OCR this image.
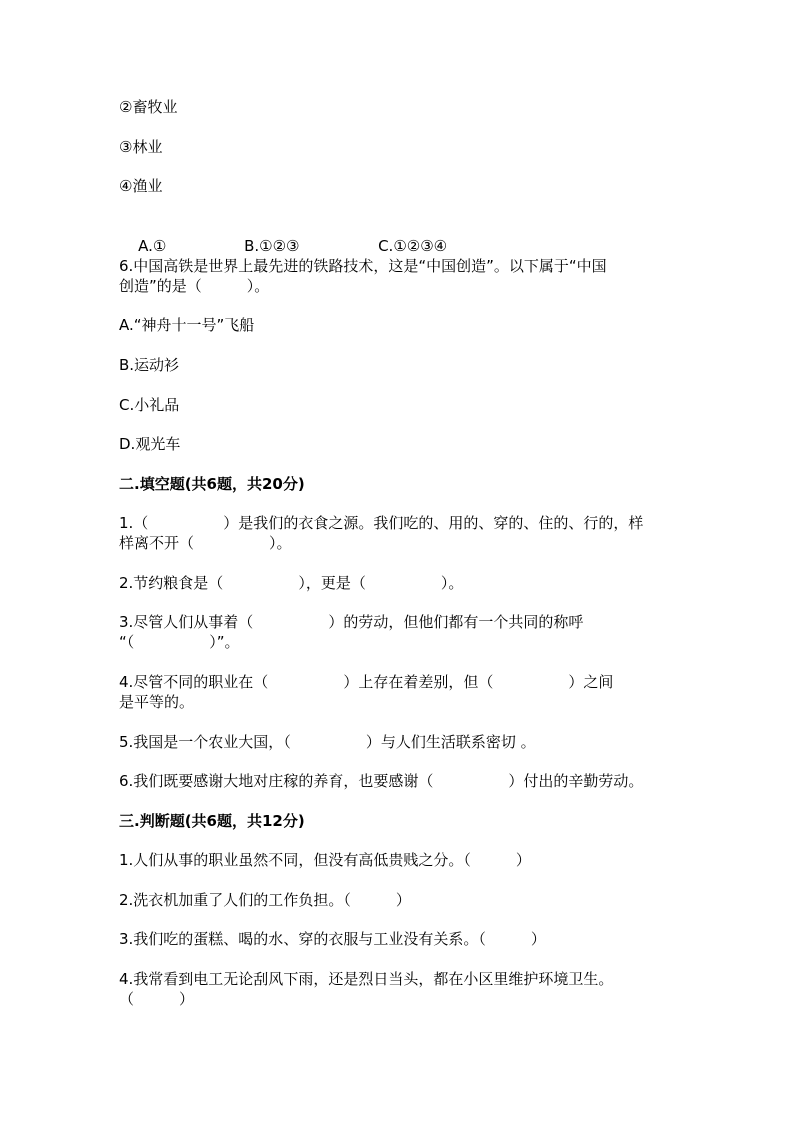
②畜牧业
③林业
④渔业

A.①	B.①②③	C.①②③④

6.中国高铁是世界上最先进的铁路技术，这是“中国创造”。以下属于“中国
创造”的是（　　　）。
A.“神舟十一号”飞船
B.运动衫
C.小礼品
D.观光车
二.填空题(共6题，共20分)
1.（　　　　　）是我们的衣食之源。我们吃的、用的、穿的、住的、行的，样
样离不开（　　　　　）。
2.节约粮食是（　　　　　），更是（　　　　　）。
3.尽管人们从事着（　　　　　）的劳动，但他们都有一个共同的称呼
“（　　　　　）”。
4.尽管不同的职业在（　　　　　）上存在着差别，但（　　　　　）之间
是平等的。
5.我国是一个农业大国，（　　　　　）与人们生活联系密切 。
6.我们既要感谢大地对庄稼的养育，也要感谢（　　　　　）付出的辛勤劳动。
三.判断题(共6题，共12分)
1.人们从事的职业虽然不同，但没有高低贵贱之分。（　　　）
2.洗衣机加重了人们的工作负担。（　　　）
3.我们吃的蛋糕、喝的水、穿的衣服与工业没有关系。（　　　）
4.我常看到电工无论刮风下雨，还是烈日当头，都在小区里维护环境卫生。
（　　　）
